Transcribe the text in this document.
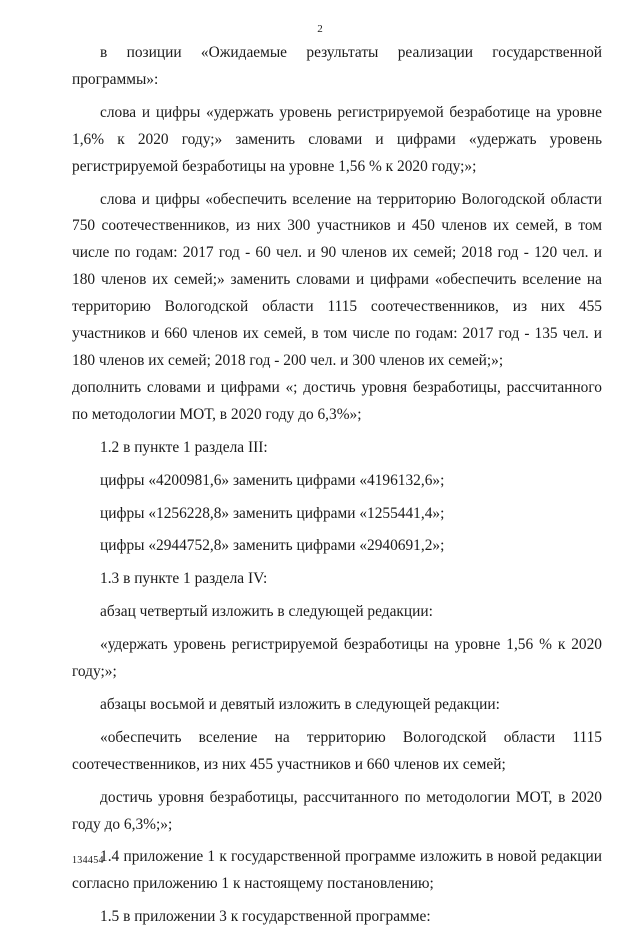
2

в позиции «Ожидаемые результаты реализации государственной программы»:

слова и цифры «удержать уровень регистрируемой безработице на уровне 1,6% к 2020 году;» заменить словами и цифрами «удержать уровень регистрируемой безработицы на уровне 1,56 % к 2020 году;»;

слова и цифры «обеспечить вселение на территорию Вологодской области 750 соотечественников, из них 300 участников и 450 членов их семей, в том числе по годам: 2017 год - 60 чел. и 90 членов их семей; 2018 год - 120 чел. и 180 членов их семей;» заменить словами и цифрами «обеспечить вселение на территорию Вологодской области 1115 соотечественников, из них 455 участников и 660 членов их семей, в том числе по годам: 2017 год - 135 чел. и 180 членов их семей; 2018 год - 200 чел. и 300 членов их семей;»;

дополнить словами и цифрами «; достичь уровня безработицы, рассчитанного по методологии МОТ, в 2020 году до 6,3%»;

1.2 в пункте 1 раздела III:

цифры «4200981,6» заменить цифрами «4196132,6»;

цифры «1256228,8» заменить цифрами «1255441,4»;

цифры «2944752,8» заменить цифрами «2940691,2»;

1.3 в пункте 1 раздела IV:

абзац четвертый изложить в следующей редакции:

«удержать уровень регистрируемой безработицы на уровне 1,56 % к 2020 году;»;

абзацы восьмой и девятый изложить в следующей редакции:

«обеспечить вселение на территорию Вологодской области 1115 соотечественников, из них 455 участников и 660 членов их семей;

достичь уровня безработицы, рассчитанного по методологии МОТ, в 2020 году до 6,3%;»;

1.4 приложение 1 к государственной программе изложить в новой редакции согласно приложению 1 к настоящему постановлению;

1.5 в приложении 3 к государственной программе:

134454
